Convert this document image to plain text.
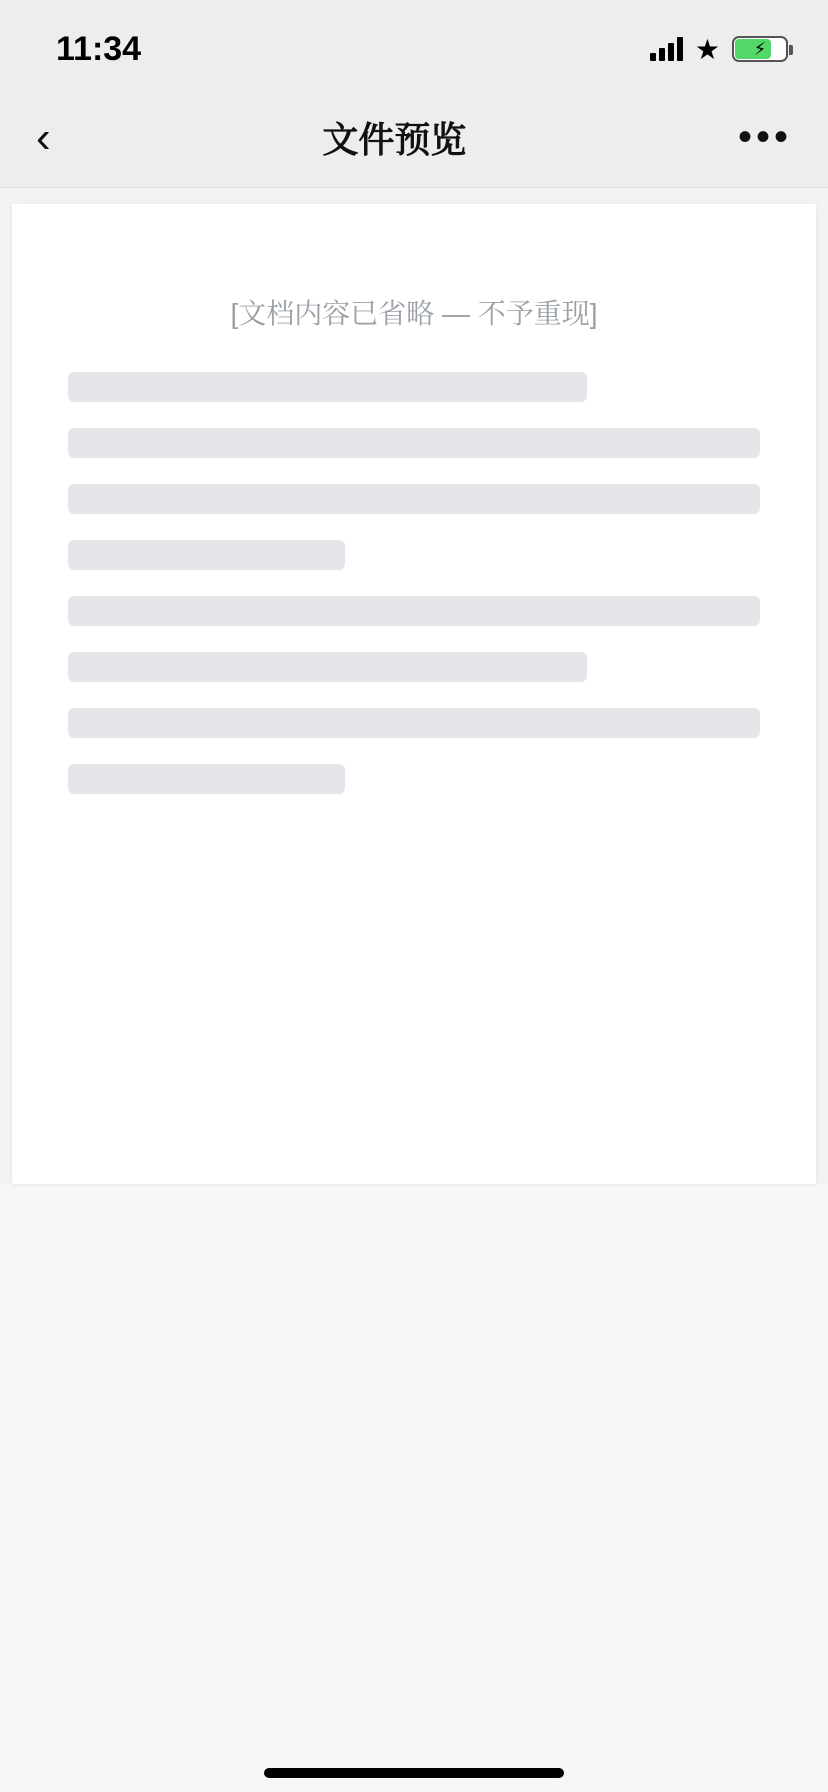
11:34	★︎ ⚡
‹	文件预览	•••
[文档内容已省略 — 不予重现]
